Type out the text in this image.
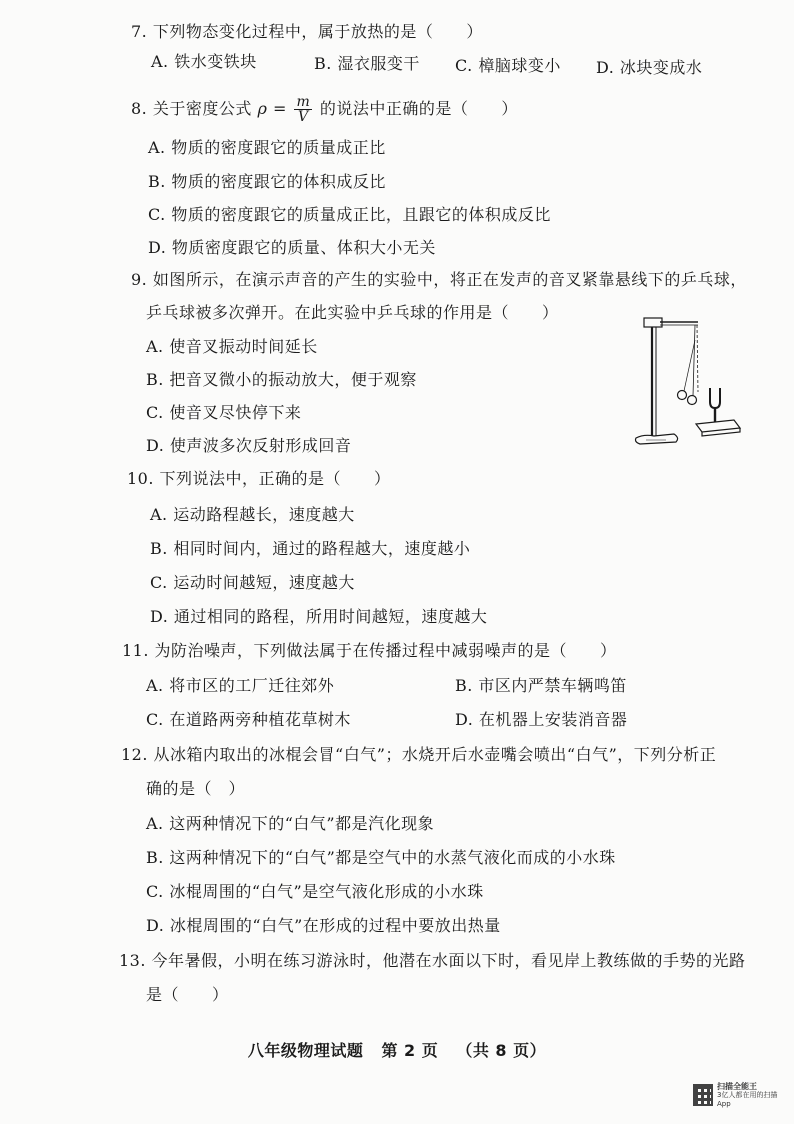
7. 下列物态变化过程中，属于放热的是（　　）
A. 铁水变铁块	B. 湿衣服变干 C. 樟脑球变小 D. 冰块变成水
8. 关于密度公式 $\rho = \frac{m}{V}$ 的说法中正确的是（　　）
A. 物质的密度跟它的质量成正比
B. 物质的密度跟它的体积成反比
C. 物质的密度跟它的质量成正比，且跟它的体积成反比
D. 物质密度跟它的质量、体积大小无关
9. 如图所示，在演示声音的产生的实验中，将正在发声的音叉紧靠悬线下的乒乓球，
乒乓球被多次弹开。在此实验中乒乓球的作用是（　　）
A. 使音叉振动时间延长
B. 把音叉微小的振动放大，便于观察
C. 使音叉尽快停下来
D. 使声波多次反射形成回音
10. 下列说法中，正确的是（　　）
A. 运动路程越长，速度越大
B. 相同时间内，通过的路程越大，速度越小
C. 运动时间越短，速度越大
D. 通过相同的路程，所用时间越短，速度越大
11. 为防治噪声，下列做法属于在传播过程中减弱噪声的是（　　）
A. 将市区的工厂迁往郊外	B. 市区内严禁车辆鸣笛
C. 在道路两旁种植花草树木	D. 在机器上安装消音器
12. 从冰箱内取出的冰棍会冒“白气”；水烧开后水壶嘴会喷出“白气”，下列分析正
确的是（　）
A. 这两种情况下的“白气”都是汽化现象
B. 这两种情况下的“白气”都是空气中的水蒸气液化而成的小水珠
C. 冰棍周围的“白气”是空气液化形成的小水珠
D. 冰棍周围的“白气”在形成的过程中要放出热量
13. 今年暑假，小明在练习游泳时，他潜在水面以下时，看见岸上教练做的手势的光路
是（　　）
八年级物理试题 第 2 页 （共 8 页）
扫描全能王
3亿人都在用的扫描App
